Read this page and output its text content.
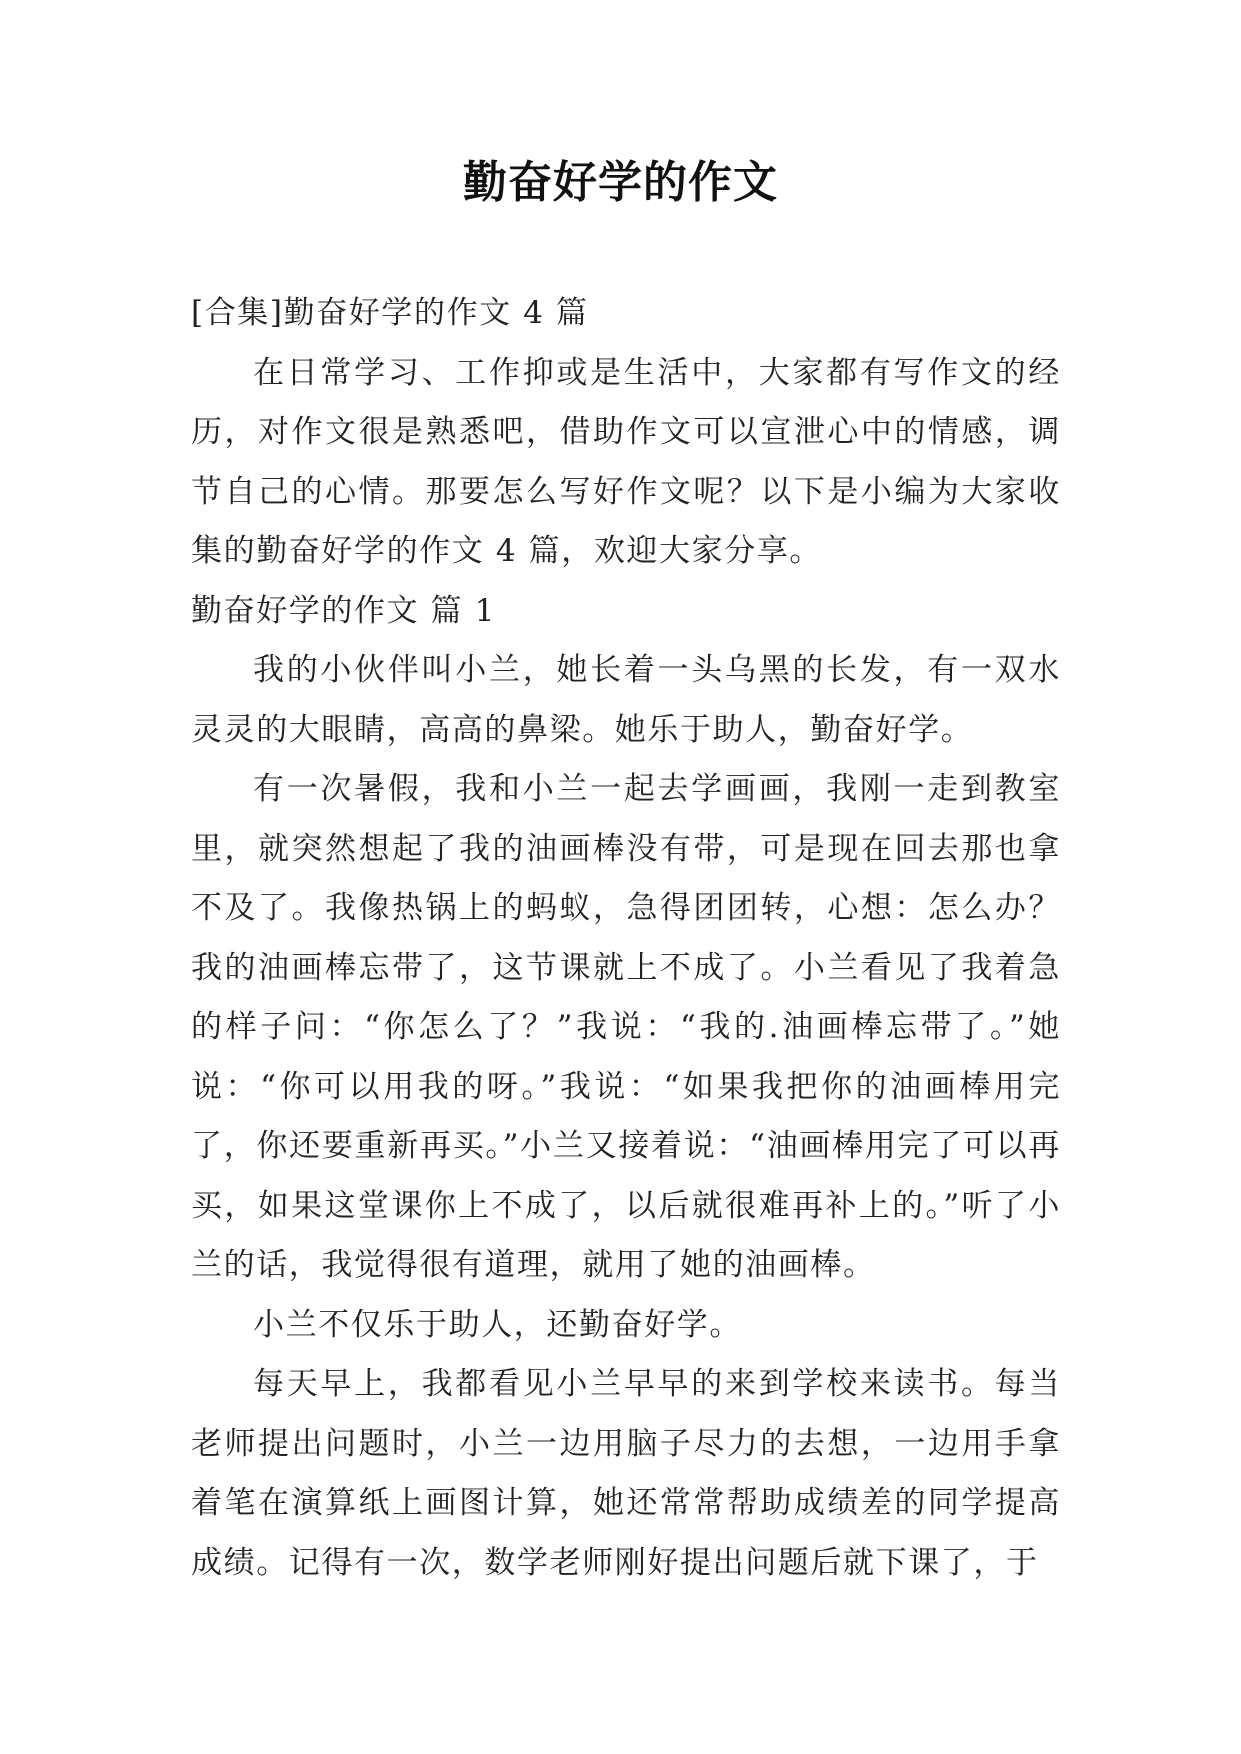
勤奋好学的作文

[合集]勤奋好学的作文 4 篇

在日常学习、工作抑或是生活中，大家都有写作文的经历，对作文很是熟悉吧，借助作文可以宣泄心中的情感，调节自己的心情。那要怎么写好作文呢？以下是小编为大家收集的勤奋好学的作文 4 篇，欢迎大家分享。

勤奋好学的作文 篇 1

我的小伙伴叫小兰，她长着一头乌黑的长发，有一双水灵灵的大眼睛，高高的鼻梁。她乐于助人，勤奋好学。

有一次暑假，我和小兰一起去学画画，我刚一走到教室里，就突然想起了我的油画棒没有带，可是现在回去那也拿不及了。我像热锅上的蚂蚁，急得团团转，心想：怎么办？我的油画棒忘带了，这节课就上不成了。小兰看见了我着急的样子问：“你怎么了？”我说：“我的.油画棒忘带了。”她说：“你可以用我的呀。”我说：“如果我把你的油画棒用完了，你还要重新再买。”小兰又接着说：“油画棒用完了可以再买，如果这堂课你上不成了，以后就很难再补上的。”听了小兰的话，我觉得很有道理，就用了她的油画棒。

小兰不仅乐于助人，还勤奋好学。

每天早上，我都看见小兰早早的来到学校来读书。每当老师提出问题时，小兰一边用脑子尽力的去想，一边用手拿着笔在演算纸上画图计算，她还常常帮助成绩差的同学提高成绩。记得有一次，数学老师刚好提出问题后就下课了，于
